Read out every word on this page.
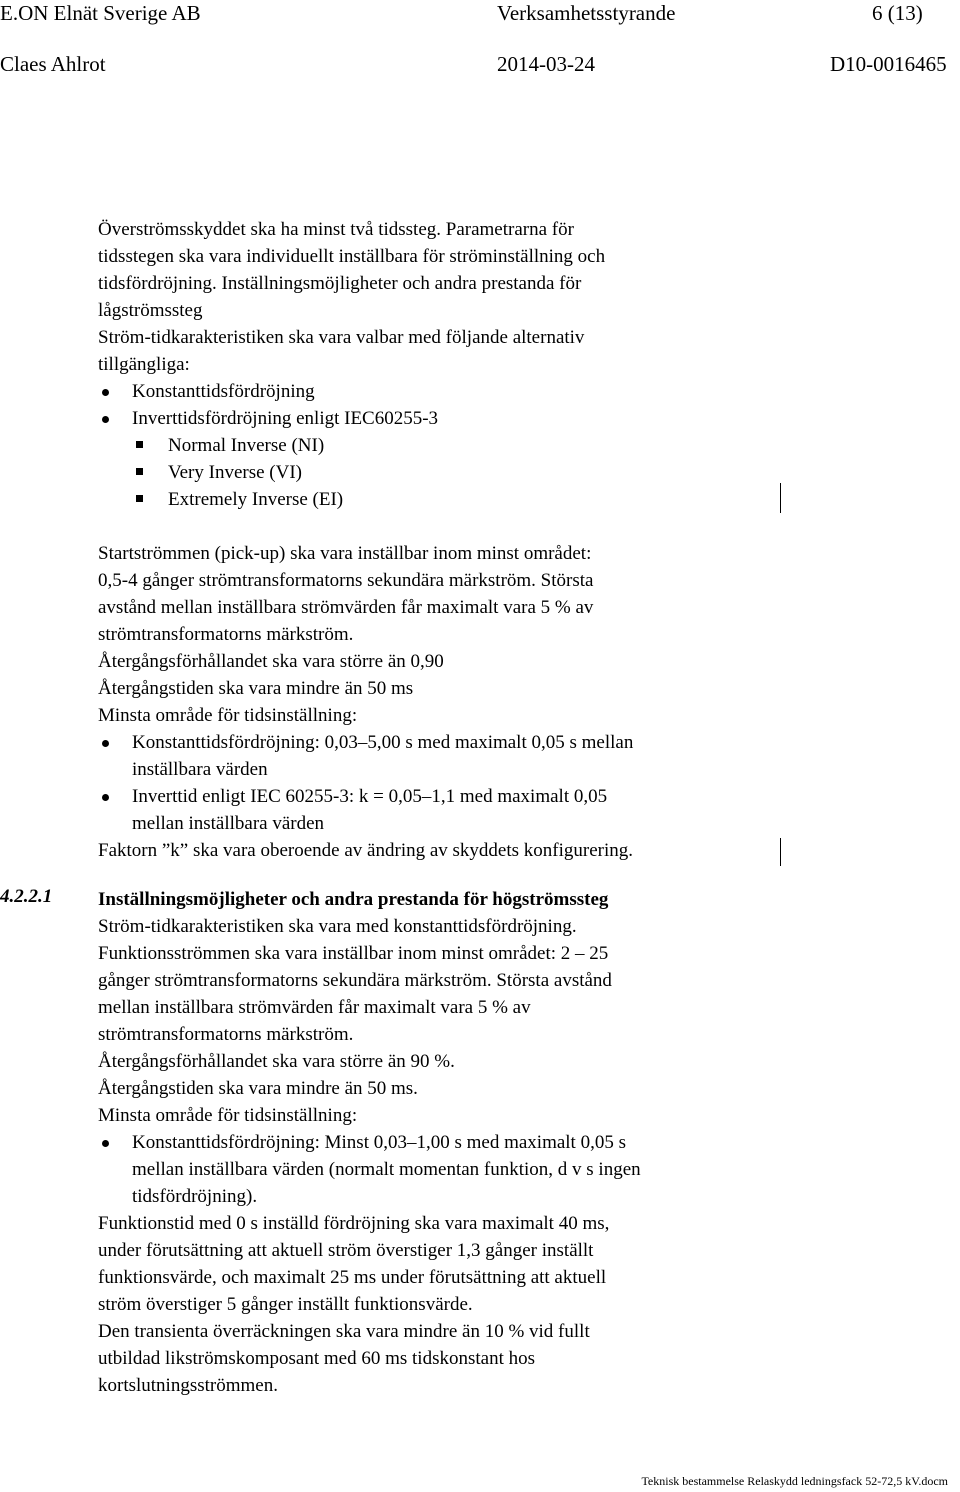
E.ON Elnät Sverige AB	Verksamhetsstyrande	6 (13)
Claes Ahlrot	2014-03-24	D10-0016465
Överströmsskyddet ska ha minst två tidssteg. Parametrarna för
tidsstegen ska vara individuellt inställbara för ströminställning och
tidsfördröjning. Inställningsmöjligheter och andra prestanda för
lågströmssteg
Ström-tidkarakteristiken ska vara valbar med följande alternativ
tillgängliga:
Konstanttidsfördröjning
Inverttidsfördröjning enligt IEC60255-3
Normal Inverse (NI)
Very Inverse (VI)
Extremely Inverse (EI)
Startströmmen (pick-up) ska vara inställbar inom minst området:
0,5-4 gånger strömtransformatorns sekundära märkström. Största
avstånd mellan inställbara strömvärden får maximalt vara 5 % av
strömtransformatorns märkström.
Återgångsförhållandet ska vara större än 0,90
Återgångstiden ska vara mindre än 50 ms
Minsta område för tidsinställning:
Konstanttidsfördröjning: 0,03–5,00 s med maximalt 0,05 s mellan
inställbara värden
Inverttid enligt IEC 60255-3: k = 0,05–1,1 med maximalt 0,05
mellan inställbara värden
Faktorn ”k” ska vara oberoende av ändring av skyddets konfigurering.
4.2.2.1 Inställningsmöjligheter och andra prestanda för högströmssteg
Ström-tidkarakteristiken ska vara med konstanttidsfördröjning.
Funktionsströmmen ska vara inställbar inom minst området: 2 – 25
gånger strömtransformatorns sekundära märkström. Största avstånd
mellan inställbara strömvärden får maximalt vara 5 % av
strömtransformatorns märkström.
Återgångsförhållandet ska vara större än 90 %.
Återgångstiden ska vara mindre än 50 ms.
Minsta område för tidsinställning:
Konstanttidsfördröjning: Minst 0,03–1,00 s med maximalt 0,05 s
mellan inställbara värden (normalt momentan funktion, d v s ingen
tidsfördröjning).
Funktionstid med 0 s inställd fördröjning ska vara maximalt 40 ms,
under förutsättning att aktuell ström överstiger 1,3 gånger inställt
funktionsvärde, och maximalt 25 ms under förutsättning att aktuell
ström överstiger 5 gånger inställt funktionsvärde.
Den transienta överräckningen ska vara mindre än 10 % vid fullt
utbildad likströmskomposant med 60 ms tidskonstant hos
kortslutningsströmmen.
Teknisk bestammelse Relaskydd ledningsfack 52-72,5 kV.docm
